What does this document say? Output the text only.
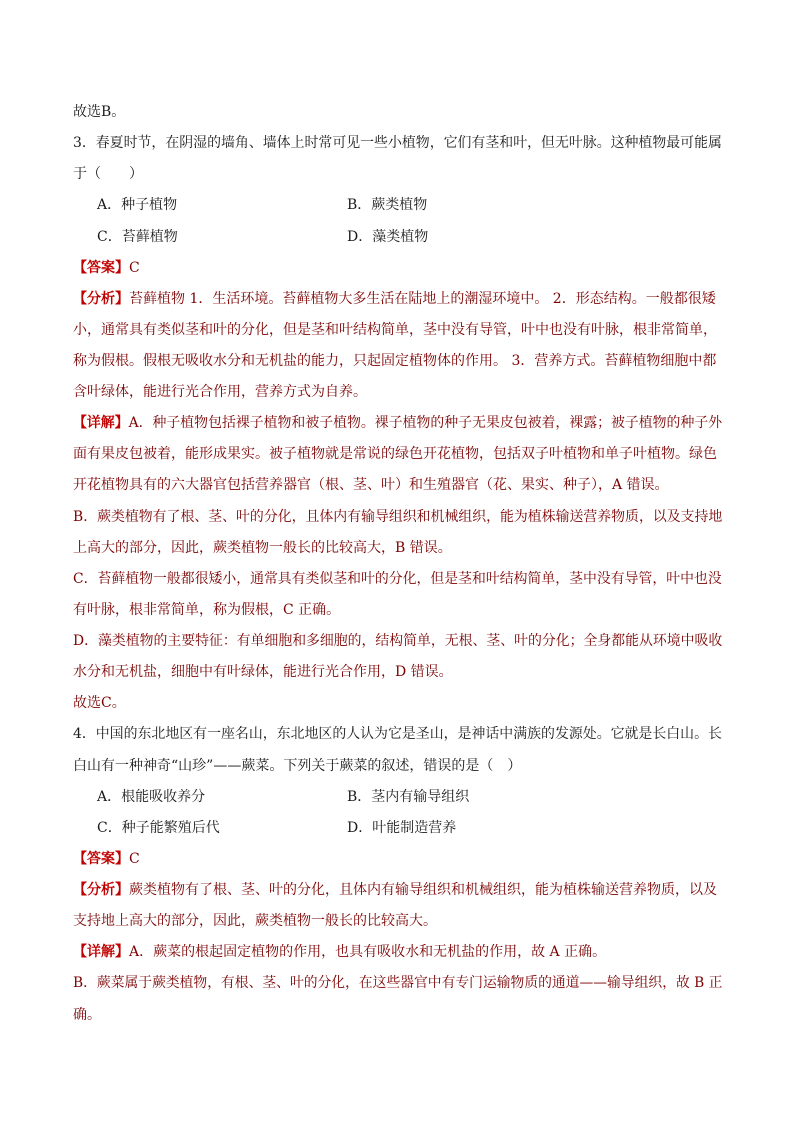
故选B。
3．春夏时节，在阴湿的墙角、墙体上时常可见一些小植物，它们有茎和叶，但无叶脉。这种植物最可能属
于（　　）
A．种子植物	B．蕨类植物
C．苔藓植物	D．藻类植物
【答案】C
【分析】苔藓植物 1．生活环境。苔藓植物大多生活在陆地上的潮湿环境中。 2．形态结构。一般都很矮
小，通常具有类似茎和叶的分化，但是茎和叶结构简单，茎中没有导管，叶中也没有叶脉，根非常简单，
称为假根。假根无吸收水分和无机盐的能力，只起固定植物体的作用。 3．营养方式。苔藓植物细胞中都
含叶绿体，能进行光合作用，营养方式为自养。
【详解】A．种子植物包括裸子植物和被子植物。裸子植物的种子无果皮包被着，裸露；被子植物的种子外
面有果皮包被着，能形成果实。被子植物就是常说的绿色开花植物，包括双子叶植物和单子叶植物。绿色
开花植物具有的六大器官包括营养器官（根、茎、叶）和生殖器官（花、果实、种子），A 错误。
B．蕨类植物有了根、茎、叶的分化，且体内有输导组织和机械组织，能为植株输送营养物质，以及支持地
上高大的部分，因此，蕨类植物一般长的比较高大，B 错误。
C．苔藓植物一般都很矮小，通常具有类似茎和叶的分化，但是茎和叶结构简单，茎中没有导管，叶中也没
有叶脉，根非常简单，称为假根，C 正确。
D．藻类植物的主要特征：有单细胞和多细胞的，结构简单，无根、茎、叶的分化；全身都能从环境中吸收
水分和无机盐，细胞中有叶绿体，能进行光合作用，D 错误。
故选C。
4．中国的东北地区有一座名山，东北地区的人认为它是圣山，是神话中满族的发源处。它就是长白山。长
白山有一种神奇“山珍”——蕨菜。下列关于蕨菜的叙述，错误的是（　）
A．根能吸收养分	B．茎内有输导组织
C．种子能繁殖后代	D．叶能制造营养
【答案】C
【分析】蕨类植物有了根、茎、叶的分化，且体内有输导组织和机械组织，能为植株输送营养物质，以及
支持地上高大的部分，因此，蕨类植物一般长的比较高大。
【详解】A．蕨菜的根起固定植物的作用，也具有吸收水和无机盐的作用，故 A 正确。
B．蕨菜属于蕨类植物，有根、茎、叶的分化，在这些器官中有专门运输物质的通道——输导组织，故 B 正
确。
